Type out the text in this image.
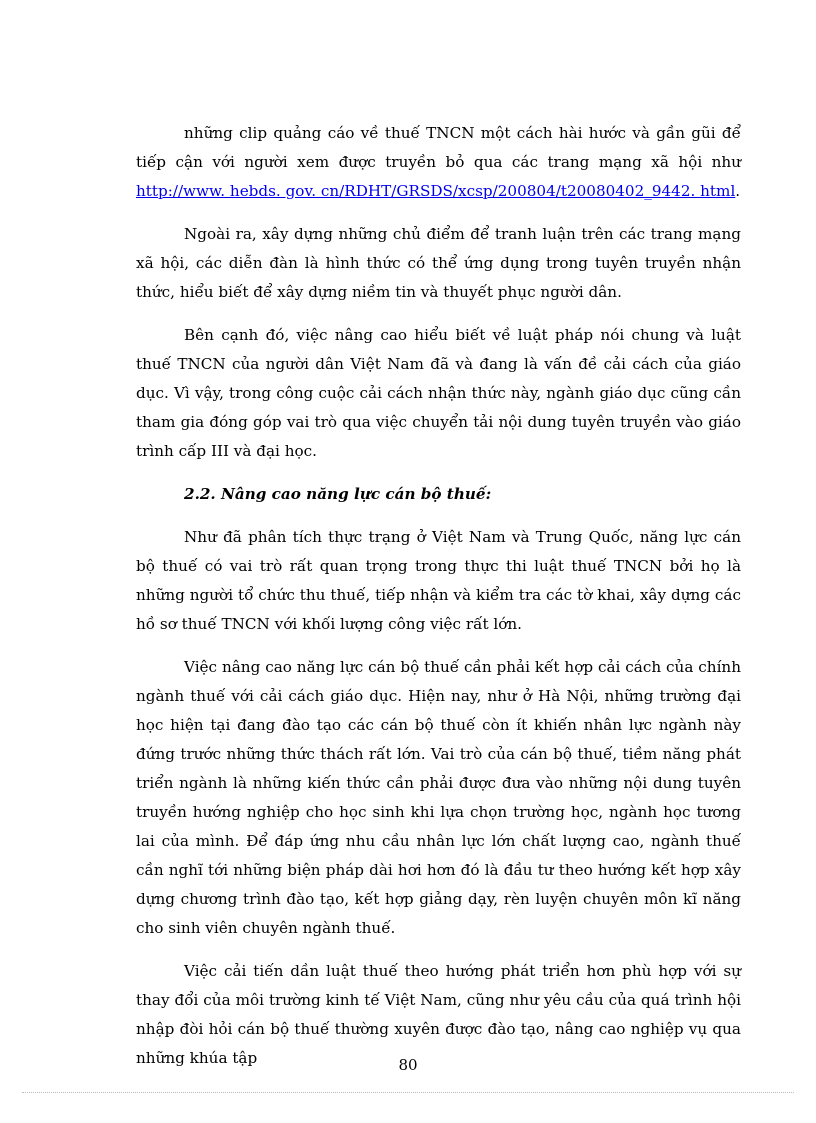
những clip quảng cáo về thuế TNCN một cách hài hước và gần gũi để tiếp cận với người xem được truyền bỏ qua các trang mạng xã hội như http://www. hebds. gov. cn/RDHT/GRSDS/xcsp/200804/t20080402_9442. html.

Ngoài ra, xây dựng những chủ điểm để tranh luận trên các trang mạng xã hội, các diễn đàn là hình thức có thể ứng dụng trong tuyên truyền nhận thức, hiểu biết để xây dựng niềm tin và thuyết phục người dân.

Bên cạnh đó, việc nâng cao hiểu biết về luật pháp nói chung và luật thuế TNCN của người dân Việt Nam đã và đang là vấn đề cải cách của giáo dục. Vì vậy, trong công cuộc cải cách nhận thức này, ngành giáo dục cũng cần tham gia đóng góp vai trò qua việc chuyển tải nội dung tuyên truyền vào giáo trình cấp III và đại học.

2.2. Nâng cao năng lực cán bộ thuế:

Như đã phân tích thực trạng ở Việt Nam và Trung Quốc, năng lực cán bộ thuế có vai trò rất quan trọng trong thực thi luật thuế TNCN bởi họ là những người tổ chức thu thuế, tiếp nhận và kiểm tra các tờ khai, xây dựng các hồ sơ thuế TNCN với khối lượng công việc rất lớn.

Việc nâng cao năng lực cán bộ thuế cần phải kết hợp cải cách của chính ngành thuế với cải cách giáo dục. Hiện nay, như ở Hà Nội, những trường đại học hiện tại đang đào tạo các cán bộ thuế còn ít khiến nhân lực ngành này đứng trước những thức thách rất lớn. Vai trò của cán bộ thuế, tiềm năng phát triển ngành là những kiến thức cần phải được đưa vào những nội dung tuyên truyền hướng nghiệp cho học sinh khi lựa chọn trường học, ngành học tương lai của mình. Để đáp ứng nhu cầu nhân lực lớn chất lượng cao, ngành thuế cần nghĩ tới những biện pháp dài hơi hơn đó là đầu tư theo hướng kết hợp xây dựng chương trình đào tạo, kết hợp giảng dạy, rèn luyện chuyên môn kĩ năng cho sinh viên chuyên ngành thuế.

Việc cải tiến dần luật thuế theo hướng phát triển hơn phù hợp với sự thay đổi của môi trường kinh tế Việt Nam, cũng như yêu cầu của quá trình hội nhập đòi hỏi cán bộ thuế thường xuyên được đào tạo, nâng cao nghiệp vụ qua những khúa tập	80
